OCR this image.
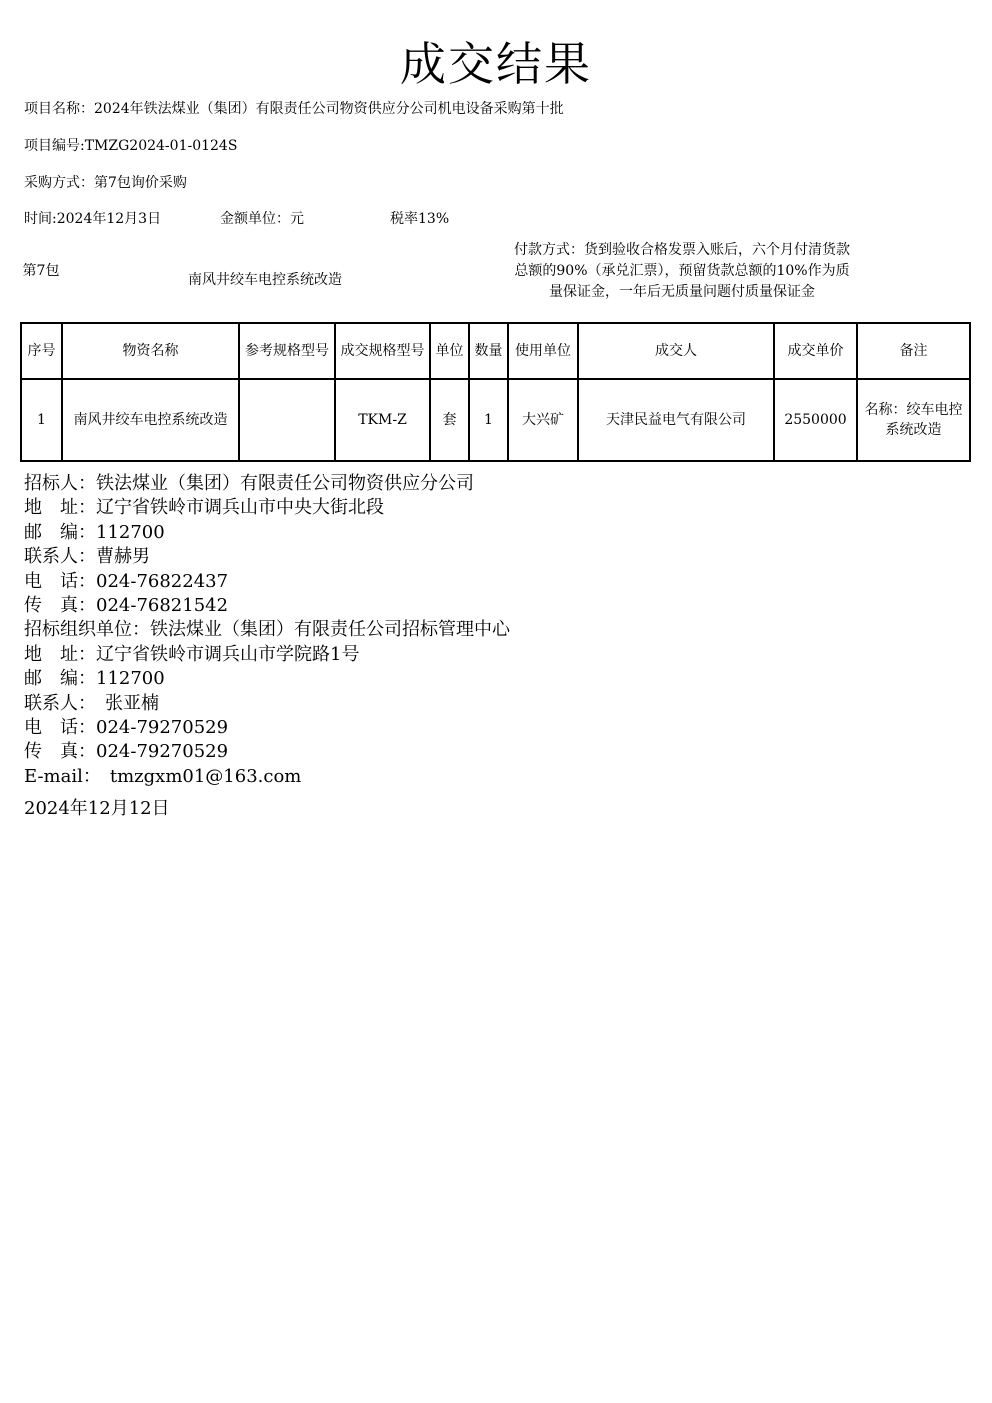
成交结果
项目名称：2024年铁法煤业（集团）有限责任公司物资供应分公司机电设备采购第十批
项目编号:TMZG2024-01-0124S
采购方式：第7包询价采购
时间:2024年12月3日	金额单位：元	税率13%
第7包
南风井绞车电控系统改造
付款方式：货到验收合格发票入账后，六个月付清货款总额的90%（承兑汇票），预留货款总额的10%作为质量保证金，一年后无质量问题付质量保证金
序号	物资名称	参考规格型号	成交规格型号	单位	数量	使用单位	成交人	成交单价	备注
1	南风井绞车电控系统改造		TKM-Z	套	1	大兴矿	天津民益电气有限公司	2550000	名称：绞车电控系统改造
招标人：铁法煤业（集团）有限责任公司物资供应分公司
地　址：辽宁省铁岭市调兵山市中央大街北段
邮　编：112700
联系人：曹赫男
电　话：024-76822437
传　真：024-76821542
招标组织单位：铁法煤业（集团）有限责任公司招标管理中心
地　址：辽宁省铁岭市调兵山市学院路1号
邮　编：112700
联系人：　张亚楠
电　话：024-79270529
传　真：024-79270529
E-mail：　tmzgxm01@163.com
2024年12月12日
